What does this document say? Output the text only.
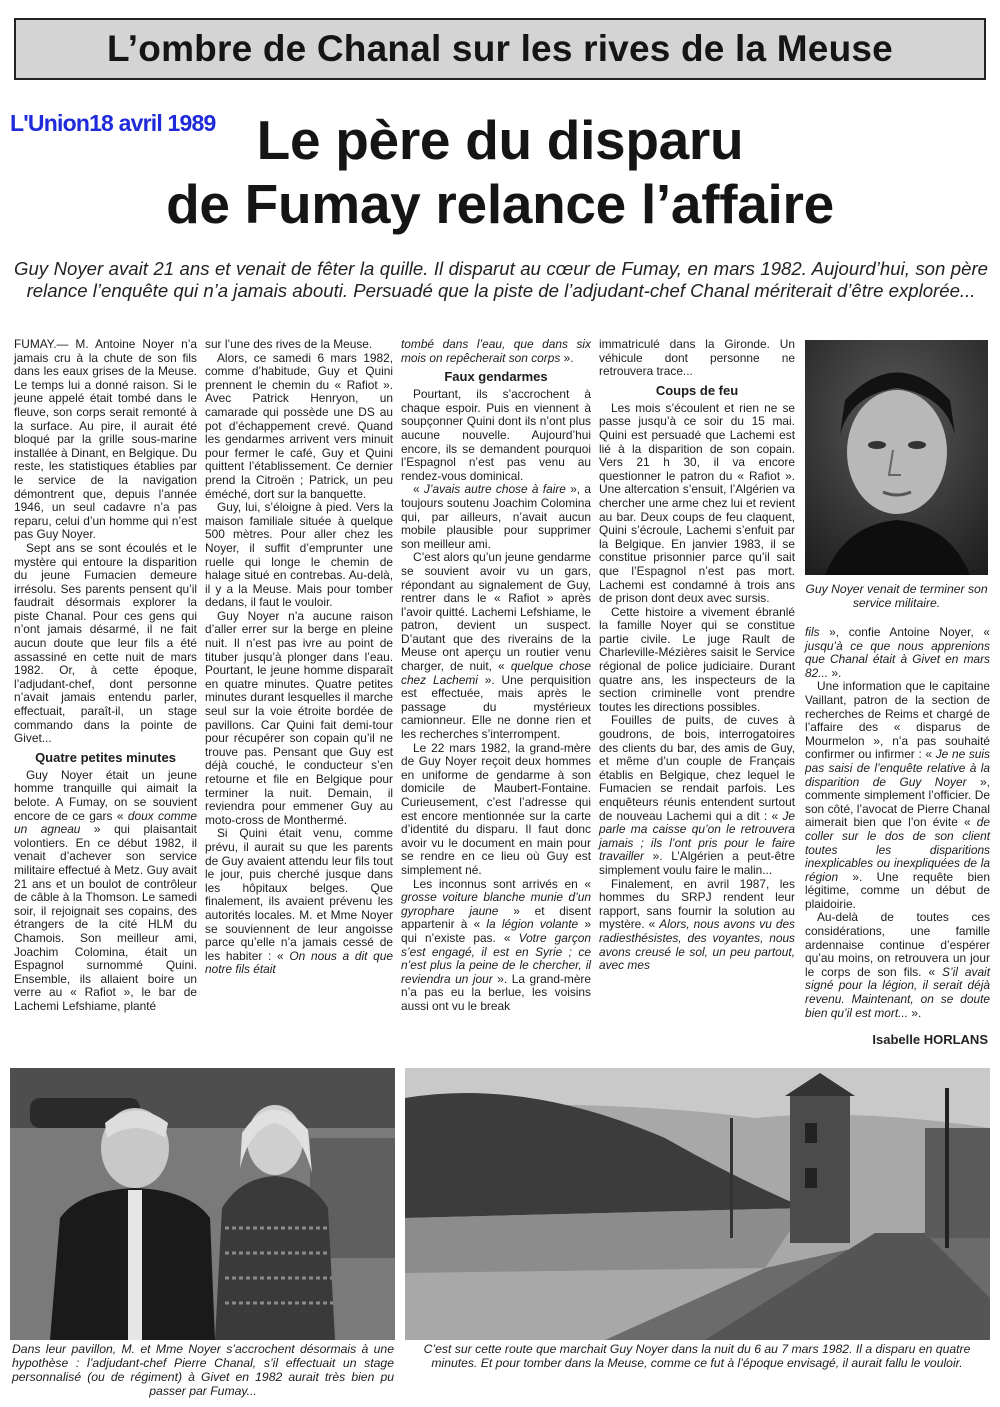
L’ombre de Chanal sur les rives de la Meuse
L'Union18 avril 1989 Le père du disparu
de Fumay relance l’affaire
Guy Noyer avait 21 ans et venait de fêter la quille. Il disparut au cœur de Fumay, en mars 1982. Aujourd’hui, son père relance l’enquête qui n’a jamais abouti. Persuadé que la piste de l’adjudant-chef Chanal mériterait d’être explorée...

FUMAY.— M. Antoine Noyer n’a jamais cru à la chute de son fils dans les eaux grises de la Meuse. Le temps lui a donné raison. Si le jeune appelé était tombé dans le fleuve, son corps serait remonté à la surface. Au pire, il aurait été bloqué par la grille sous-marine installée à Dinant, en Belgique. Du reste, les statistiques établies par le service de la navigation démontrent que, depuis l’année 1946, un seul cadavre n’a pas reparu, celui d’un homme qui n’est pas Guy Noyer.

Sept ans se sont écoulés et le mystère qui entoure la disparition du jeune Fumacien demeure irrésolu. Ses parents pensent qu’il faudrait désormais explorer la piste Chanal. Pour ces gens qui n’ont jamais désarmé, il ne fait aucun doute que leur fils a été assassiné en cette nuit de mars 1982. Or, à cette époque, l’adjudant-chef, dont personne n’avait jamais entendu parler, effectuait, paraît-il, un stage commando dans la pointe de Givet...

Quatre petites minutes

Guy Noyer était un jeune homme tranquille qui aimait la belote. A Fumay, on se souvient encore de ce gars « doux comme un agneau » qui plaisantait volontiers. En ce début 1982, il venait d’achever son service militaire effectué à Metz. Guy avait 21 ans et un boulot de contrôleur de câble à la Thomson. Le samedi soir, il rejoignait ses copains, des étrangers de la cité HLM du Chamois. Son meilleur ami, Joachim Colomina, était un Espagnol surnommé Quini. Ensemble, ils allaient boire un verre au « Rafiot », le bar de Lachemi Lefshiame, planté

sur l’une des rives de la Meuse.

Alors, ce samedi 6 mars 1982, comme d’habitude, Guy et Quini prennent le chemin du « Rafiot ». Avec Patrick Henryon, un camarade qui possède une DS au pot d’échappement crevé. Quand les gendarmes arrivent vers minuit pour fermer le café, Guy et Quini quittent l’établissement. Ce dernier prend la Citroën ; Patrick, un peu éméché, dort sur la banquette.

Guy, lui, s’éloigne à pied. Vers la maison familiale située à quelque 500 mètres. Pour aller chez les Noyer, il suffit d’emprunter une ruelle qui longe le chemin de halage situé en contrebas. Au-delà, il y a la Meuse. Mais pour tomber dedans, il faut le vouloir.

Guy Noyer n’a aucune raison d’aller errer sur la berge en pleine nuit. Il n’est pas ivre au point de tituber jusqu’à plonger dans l’eau. Pourtant, le jeune homme disparaît en quatre minutes. Quatre petites minutes durant lesquelles il marche seul sur la voie étroite bordée de pavillons. Car Quini fait demi-tour pour récupérer son copain qu’il ne trouve pas. Pensant que Guy est déjà couché, le conducteur s’en retourne et file en Belgique pour terminer la nuit. Demain, il reviendra pour emmener Guy au moto-cross de Monthermé.

Si Quini était venu, comme prévu, il aurait su que les parents de Guy avaient attendu leur fils tout le jour, puis cherché jusque dans les hôpitaux belges. Que finalement, ils avaient prévenu les autorités locales. M. et Mme Noyer se souviennent de leur angoisse parce qu’elle n’a jamais cessé de les habiter : « On nous a dit que notre fils était

tombé dans l’eau, que dans six mois on repêcherait son corps ».

Faux gendarmes

Pourtant, ils s’accrochent à chaque espoir. Puis en viennent à soupçonner Quini dont ils n’ont plus aucune nouvelle. Aujourd’hui encore, ils se demandent pourquoi l’Espagnol n’est pas venu au rendez-vous dominical.

« J’avais autre chose à faire », a toujours soutenu Joachim Colomina qui, par ailleurs, n’avait aucun mobile plausible pour supprimer son meilleur ami.

C’est alors qu’un jeune gendarme se souvient avoir vu un gars, répondant au signalement de Guy, rentrer dans le « Rafiot » après l’avoir quitté. Lachemi Lefshiame, le patron, devient un suspect. D’autant que des riverains de la Meuse ont aperçu un routier venu charger, de nuit, « quelque chose chez Lachemi ». Une perquisition est effectuée, mais après le passage du mystérieux camionneur. Elle ne donne rien et les recherches s’interrompent.

Le 22 mars 1982, la grand-mère de Guy Noyer reçoit deux hommes en uniforme de gendarme à son domicile de Maubert-Fontaine. Curieusement, c’est l’adresse qui est encore mentionnée sur la carte d’identité du disparu. Il faut donc avoir vu le document en main pour se rendre en ce lieu où Guy est simplement né.

Les inconnus sont arrivés en « grosse voiture blanche munie d’un gyrophare jaune » et disent appartenir à « la légion volante » qui n’existe pas. « Votre garçon s’est engagé, il est en Syrie ; ce n’est plus la peine de le chercher, il reviendra un jour ». La grand-mère n’a pas eu la berlue, les voisins aussi ont vu le break

immatriculé dans la Gironde. Un véhicule dont personne ne retrouvera trace...

Coups de feu

Les mois s’écoulent et rien ne se passe jusqu’à ce soir du 15 mai. Quini est persuadé que Lachemi est lié à la disparition de son copain. Vers 21 h 30, il va encore questionner le patron du « Rafiot ». Une altercation s’ensuit, l’Algérien va chercher une arme chez lui et revient au bar. Deux coups de feu claquent, Quini s’écroule, Lachemi s’enfuit par la Belgique. En janvier 1983, il se constitue prisonnier parce qu’il sait que l’Espagnol n’est pas mort. Lachemi est condamné à trois ans de prison dont deux avec sursis.

Cette histoire a vivement ébranlé la famille Noyer qui se constitue partie civile. Le juge Rault de Charleville-Mézières saisit le Service régional de police judiciaire. Durant quatre ans, les inspecteurs de la section criminelle vont prendre toutes les directions possibles.

Fouilles de puits, de cuves à goudrons, de bois, interrogatoires des clients du bar, des amis de Guy, et même d’un couple de Français établis en Belgique, chez lequel le Fumacien se rendait parfois. Les enquêteurs réunis entendent surtout de nouveau Lachemi qui a dit : « Je parle ma caisse qu’on le retrouvera jamais ; ils l’ont pris pour le faire travailler ». L’Algérien a peut-être simplement voulu faire le malin...

Finalement, en avril 1987, les hommes du SRPJ rendent leur rapport, sans fournir la solution au mystère. « Alors, nous avons vu des radiesthésistes, des voyantes, nous avons creusé le sol, un peu partout, avec mes

Guy Noyer venait de terminer son service militaire.

fils », confie Antoine Noyer, « jusqu’à ce que nous apprenions que Chanal était à Givet en mars 82... ».

Une information que le capitaine Vaillant, patron de la section de recherches de Reims et chargé de l’affaire des « disparus de Mourmelon », n’a pas souhaité confirmer ou infirmer : « Je ne suis pas saisi de l’enquête relative à la disparition de Guy Noyer », commente simplement l’officier. De son côté, l’avocat de Pierre Chanal aimerait bien que l’on évite « de coller sur le dos de son client toutes les disparitions inexplicables ou inexpliquées de la région ». Une requête bien légitime, comme un début de plaidoirie.

Au-delà de toutes ces considérations, une famille ardennaise continue d’espérer qu’au moins, on retrouvera un jour le corps de son fils. « S’il avait signé pour la légion, il serait déjà revenu. Maintenant, on se doute bien qu’il est mort... ».

Isabelle HORLANS
Dans leur pavillon, M. et Mme Noyer s’accrochent désormais à une hypothèse : l’adjudant-chef Pierre Chanal, s’il effectuait un stage personnalisé (ou de régiment) à Givet en 1982 aurait très bien pu passer par Fumay...
C’est sur cette route que marchait Guy Noyer dans la nuit du 6 au 7 mars 1982. Il a disparu en quatre minutes. Et pour tomber dans la Meuse, comme ce fut à l’époque envisagé, il aurait fallu le vouloir.
